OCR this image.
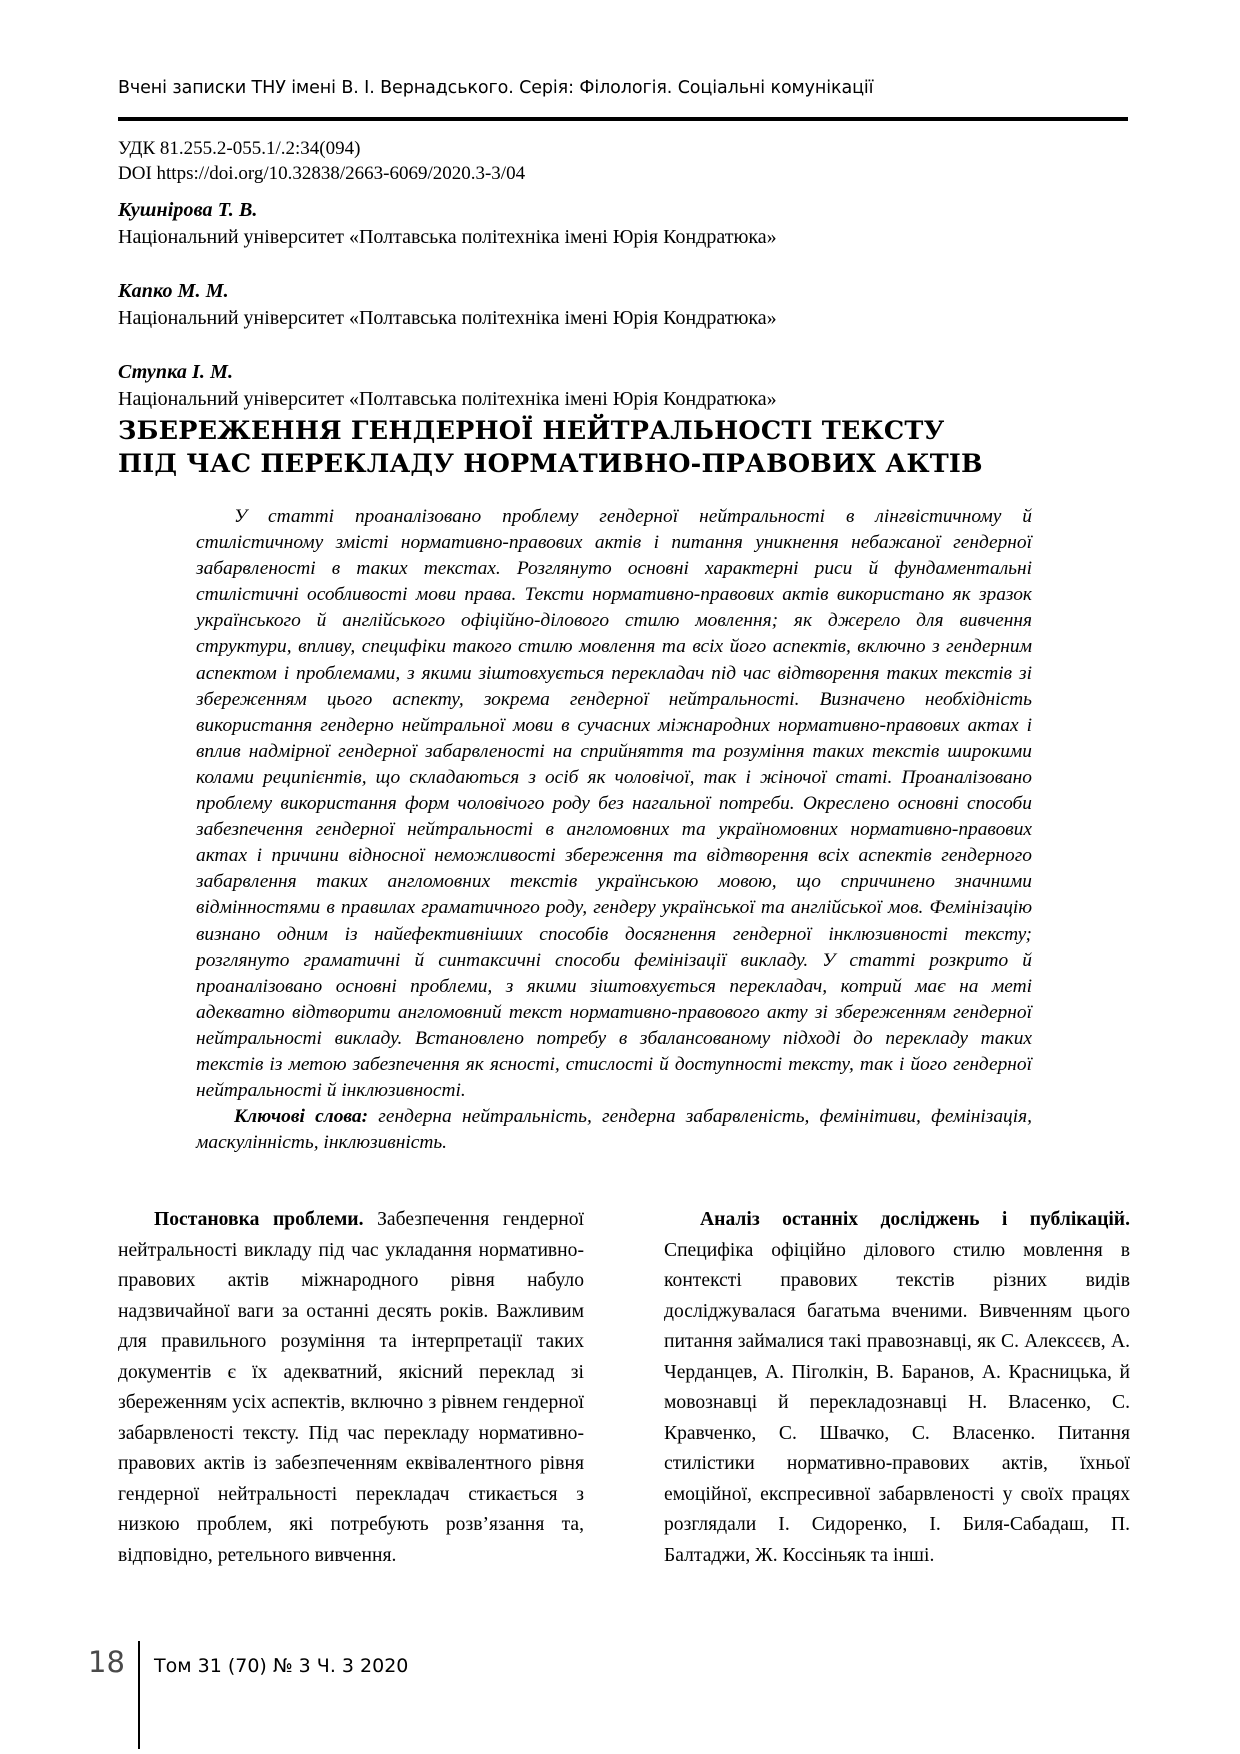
Вчені записки ТНУ імені В. І. Вернадського. Серія: Філологія. Соціальні комунікації
УДК 81.255.2-055.1/.2:34(094)
DOI https://doi.org/10.32838/2663-6069/2020.3-3/04
Кушнірова Т. В.
Національний університет «Полтавська політехніка імені Юрія Кондратюка»
Капко М. М.
Національний університет «Полтавська політехніка імені Юрія Кондратюка»
Ступка І. М.
Національний університет «Полтавська політехніка імені Юрія Кондратюка»
ЗБЕРЕЖЕННЯ ГЕНДЕРНОЇ НЕЙТРАЛЬНОСТІ ТЕКСТУ
ПІД ЧАС ПЕРЕКЛАДУ НОРМАТИВНО-ПРАВОВИХ АКТІВ

У статті проаналізовано проблему гендерної нейтральності в лінгвістичному й стилістичному змісті нормативно-правових актів і питання уникнення небажаної гендерної забарвленості в таких текстах. Розглянуто основні характерні риси й фундаментальні стилістичні особливості мови права. Тексти нормативно-правових актів використано як зразок українського й англійського офіційно-ділового стилю мовлення; як джерело для вивчення структури, впливу, специфіки такого стилю мовлення та всіх його аспектів, включно з гендерним аспектом і проблемами, з якими зіштовхується перекладач під час відтворення таких текстів зі збереженням цього аспекту, зокрема гендерної нейтральності. Визначено необхідність використання гендерно нейтральної мови в сучасних міжнародних нормативно-правових актах і вплив надмірної гендерної забарвленості на сприйняття та розуміння таких текстів широкими колами реципієнтів, що складаються з осіб як чоловічої, так і жіночої статі. Проаналізовано проблему використання форм чоловічого роду без нагальної потреби. Окреслено основні способи забезпечення гендерної нейтральності в англомовних та україномовних нормативно-правових актах і причини відносної неможливості збереження та відтворення всіх аспектів гендерного забарвлення таких англомовних текстів українською мовою, що спричинено значними відмінностями в правилах граматичного роду, гендеру української та англійської мов. Фемінізацію визнано одним із найефективніших способів досягнення гендерної інклюзивності тексту; розглянуто граматичні й синтаксичні способи фемінізації викладу. У статті розкрито й проаналізовано основні проблеми, з якими зіштовхується перекладач, котрий має на меті адекватно відтворити англомовний текст нормативно-правового акту зі збереженням гендерної нейтральності викладу. Встановлено потребу в збалансованому підході до перекладу таких текстів із метою забезпечення як ясності, стислості й доступності тексту, так і його гендерної нейтральності й інклюзивності.

Ключові слова: гендерна нейтральність, гендерна забарвленість, фемінітиви, фемінізація, маскулінність, інклюзивність.

Постановка проблеми. Забезпечення гендерної нейтральності викладу під час укладання нормативно-правових актів міжнародного рівня набуло надзвичайної ваги за останні десять років. Важливим для правильного розуміння та інтерпретації таких документів є їх адекватний, якісний переклад зі збереженням усіх аспектів, включно з рівнем гендерної забарвленості тексту. Під час перекладу нормативно-правових актів із забезпеченням еквівалентного рівня гендерної нейтральності перекладач стикається з низкою проблем, які потребують розв’язання та, відповідно, ретельного вивчення.

Аналіз останніх досліджень і публікацій. Специфіка офіційно ділового стилю мовлення в контексті правових текстів різних видів досліджувалася багатьма вченими. Вивченням цього питання займалися такі правознавці, як С. Алексєєв, А. Черданцев, А. Піголкін, В. Баранов, А. Красницька, й мовознавці й перекладознавці Н. Власенко, С. Кравченко, С. Швачко, С. Власенко. Питання стилістики нормативно-правових актів, їхньої емоційної, експресивної забарвленості у своїх працях розглядали І. Сидоренко, І. Биля-Сабадаш, П. Балтаджи, Ж. Коссіньяк та інші.

18 Том 31 (70) № 3 Ч. 3 2020
